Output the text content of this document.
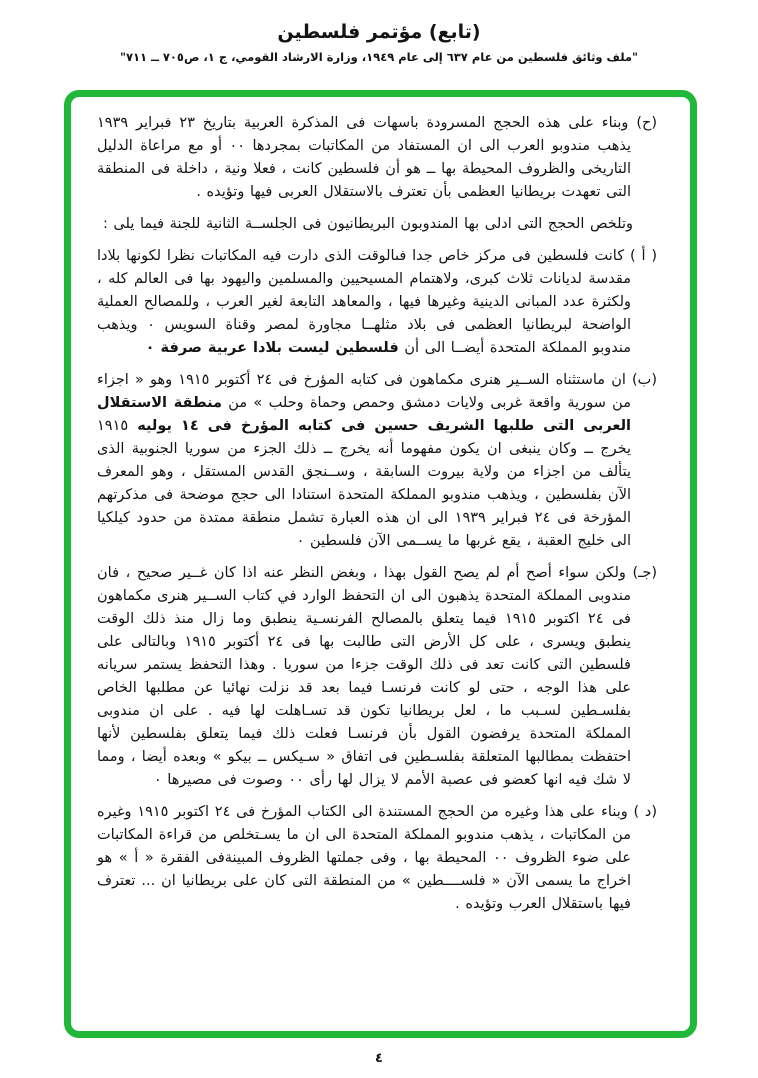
(تابع) مؤتمر فلسطين
"ملف وثائق فلسطين من عام ٦٣٧ إلى عام ١٩٤٩، وزارة الارشاد القومي، ج ١، ص٧٠٥ ــ ٧١١"
(ح) وبناء على هذه الحجج المسرودة باسهات فى المذكرة العربية بتاريخ ٢٣ فبراير ١٩٣٩ يذهب مندوبو العرب الى ان المستفاد من المكاتبات بمجردها ٠٠ أو مع مراعاة الدليل التاريخى والظروف المحيطة بها ــ هو أن فلسطين كانت ، فعلا ونية ، داخلة فى المنطقة التى تعهدت بريطانيا العظمى بأن تعترف بالاستقلال العربى فيها وتؤيده .
وتلخص الحجج التى ادلى بها المندوبون البريطانيون فى الجلســة الثانية للجنة فيما يلى :
( أ ) كانت فلسطين فى مركز خاص جدا فىالوقت الذى دارت فيه المكاتبات نظرا لكونها بلادا مقدسة لديانات ثلاث كبرى، ولاهتمام المسيحيين والمسلمين واليهود بها فى العالم كله ، ولكثرة عدد المبانى الدينية وغيرها فيها ، والمعاهد التابعة لغير العرب ، وللمصالح العملية الواضحة لبريطانيا العظمى فى بلاد مثلهــا مجاورة لمصر وقناة السويس ٠ ويذهب مندوبو المملكة المتحدة أيضــا الى أن فلسطين ليست بلادا عربية صرفة ٠
(ب) ان ماستثناه الســير هنرى مكماهون فى كتابه المؤرخ فى ٢٤ أكتوبر ١٩١٥ وهو « اجزاء من سورية واقعة غربى ولايات دمشق وحمص وحماة وحلب » من منطقة الاستقلال العربى التى طلبها الشريف حسين فى كتابه المؤرخ فى ١٤ يوليه ١٩١٥ يخرج ــ وكان ينبغى ان يكون مفهوما أنه يخرج ــ ذلك الجزء من سوريا الجنوبية الذى يتألف من اجزاء من ولاية بيروت السابقة ، وســنجق القدس المستقل ، وهو المعرف الآن بفلسطين ، ويذهب مندوبو المملكة المتحدة استنادا الى حجج موضحة فى مذكرتهم المؤرخة فى ٢٤ فبراير ١٩٣٩ الى ان هذه العبارة تشمل منطقة ممتدة من حدود كيلكيا الى خليج العقبة ، يقع غربها ما يســمى الآن فلسطين ٠
(جـ) ولكن سواء أصح أم لم يصح القول بهذا ، وبغض النظر عنه اذا كان غــير صحيح ، فان مندوبى المملكة المتحدة يذهبون الى ان التحفظ الوارد في كتاب الســير هنرى مكماهون فى ٢٤ اكتوبر ١٩١٥ فيما يتعلق بالمصالح الفرنسـية ينطبق وما زال منذ ذلك الوقت ينطبق ويسرى ، على كل الأرض التى طالبت بها فى ٢٤ أكتوبر ١٩١٥ وبالتالى على فلسطين التى كانت تعد فى ذلك الوقت جزءا من سوريا . وهذا التحفظ يستمر سريانه على هذا الوجه ، حتى لو كانت فرنسـا فيما بعد قد نزلت نهائيا عن مطلبها الخاص بفلسـطين لسـبب ما ، لعل بريطانيا تكون قد تسـاهلت لها فيه . على ان مندوبى المملكة المتحدة يرفضون القول بأن فرنسـا فعلت ذلك فيما يتعلق بفلسطين لأنها احتفظت بمطالبها المتعلقة بفلسـطين فى اتفاق « سـيكس ــ بيكو » وبعده أيضا ، ومما لا شك فيه انها كعضو فى عصبة الأمم لا يزال لها رأى ٠٠ وصوت فى مصيرها ٠
(د ) وبناء على هذا وغيره من الحجج المستندة الى الكتاب المؤرخ فى ٢٤ اكتوبر ١٩١٥ وغيره من المكاتبات ، يذهب مندوبو المملكة المتحدة الى ان ما يسـتخلص من قراءة المكاتبات على ضوء الظروف ٠٠ المحيطة بها ، وفى جملتها الظروف المبينةفى الفقرة « أ » هو اخراج ما يسمى الآن « فلســــطين » من المنطقة التى كان على بريطانيا ان ... تعترف فيها باستقلال العرب وتؤيده .
٤
